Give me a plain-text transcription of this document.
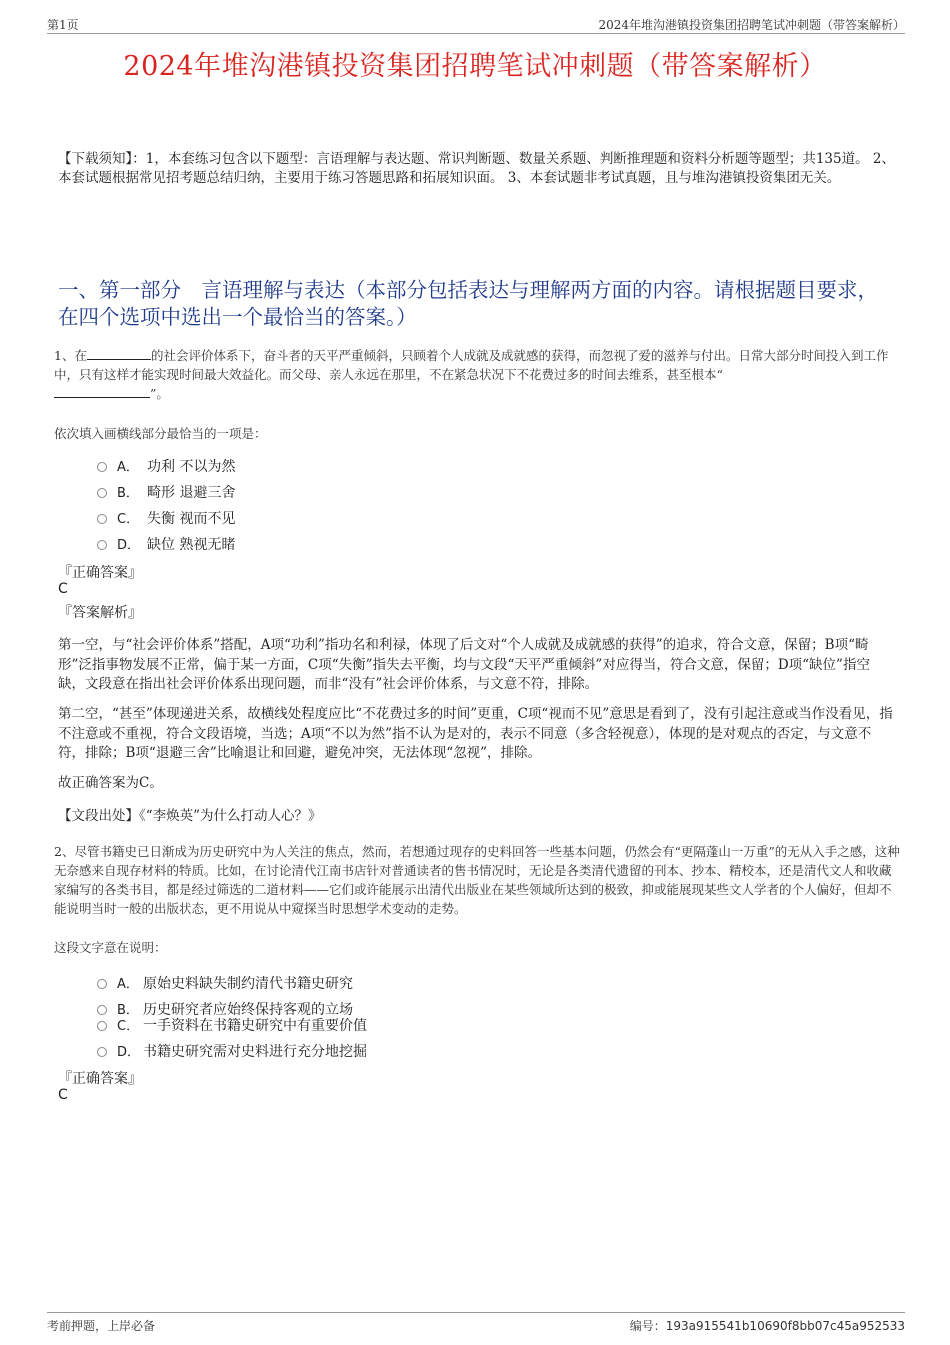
第1页	2024年堆沟港镇投资集团招聘笔试冲刺题（带答案解析）
2024年堆沟港镇投资集团招聘笔试冲刺题（带答案解析）
【下载须知】：1，本套练习包含以下题型：言语理解与表达题、常识判断题、数量关系题、判断推理题和资料分析题等题型；共135道。 2、本套试题根据常见招考题总结归纳，主要用于练习答题思路和拓展知识面。 3、本套试题非考试真题，且与堆沟港镇投资集团无关。
一、第一部分　言语理解与表达（本部分包括表达与理解两方面的内容。请根据题目要求，在四个选项中选出一个最恰当的答案。）
1、在	的社会评价体系下，奋斗者的天平严重倾斜，只顾着个人成就及成就感的获得，而忽视了爱的滋养与付出。日常大部分时间投入到工作中，只有这样才能实现时间最大效益化。而父母、亲人永远在那里，不在紧急状况下不花费过多的时间去维系，甚至根本“
”。
依次填入画横线部分最恰当的一项是：
A． 功利 不以为然
B． 畸形 退避三舍
C． 失衡 视而不见
D． 缺位 熟视无睹
『正确答案』
C
『答案解析』
第一空，与“社会评价体系”搭配，A项“功利”指功名和利禄，体现了后文对“个人成就及成就感的获得”的追求，符合文意，保留；B项“畸形”泛指事物发展不正常，偏于某一方面，C项“失衡”指失去平衡，均与文段“天平严重倾斜”对应得当，符合文意，保留；D项“缺位”指空缺，文段意在指出社会评价体系出现问题，而非“没有”社会评价体系，与文意不符，排除。
第二空，“甚至”体现递进关系，故横线处程度应比“不花费过多的时间”更重，C项“视而不见”意思是看到了，没有引起注意或当作没看见，指不注意或不重视，符合文段语境，当选；A项“不以为然”指不认为是对的，表示不同意（多含轻视意），体现的是对观点的否定，与文意不符，排除；B项“退避三舍”比喻退让和回避，避免冲突，无法体现“忽视”，排除。
故正确答案为C。
【文段出处】《“李焕英”为什么打动人心？》
2、尽管书籍史已日渐成为历史研究中为人关注的焦点，然而，若想通过现存的史料回答一些基本问题，仍然会有“更隔蓬山一万重”的无从入手之感，这种无奈感来自现存材料的特质。比如，在讨论清代江南书店针对普通读者的售书情况时，无论是各类清代遗留的刊本、抄本、精校本，还是清代文人和收藏家编写的各类书目，都是经过筛选的二道材料——它们或许能展示出清代出版业在某些领域所达到的极致，抑或能展现某些文人学者的个人偏好，但却不能说明当时一般的出版状态，更不用说从中窥探当时思想学术变动的走势。
这段文字意在说明：
A． 原始史料缺失制约清代书籍史研究
B． 历史研究者应始终保持客观的立场
C． 一手资料在书籍史研究中有重要价值
D． 书籍史研究需对史料进行充分地挖掘
『正确答案』
C
考前押题，上岸必备	编号：193a915541b10690f8bb07c45a952533
